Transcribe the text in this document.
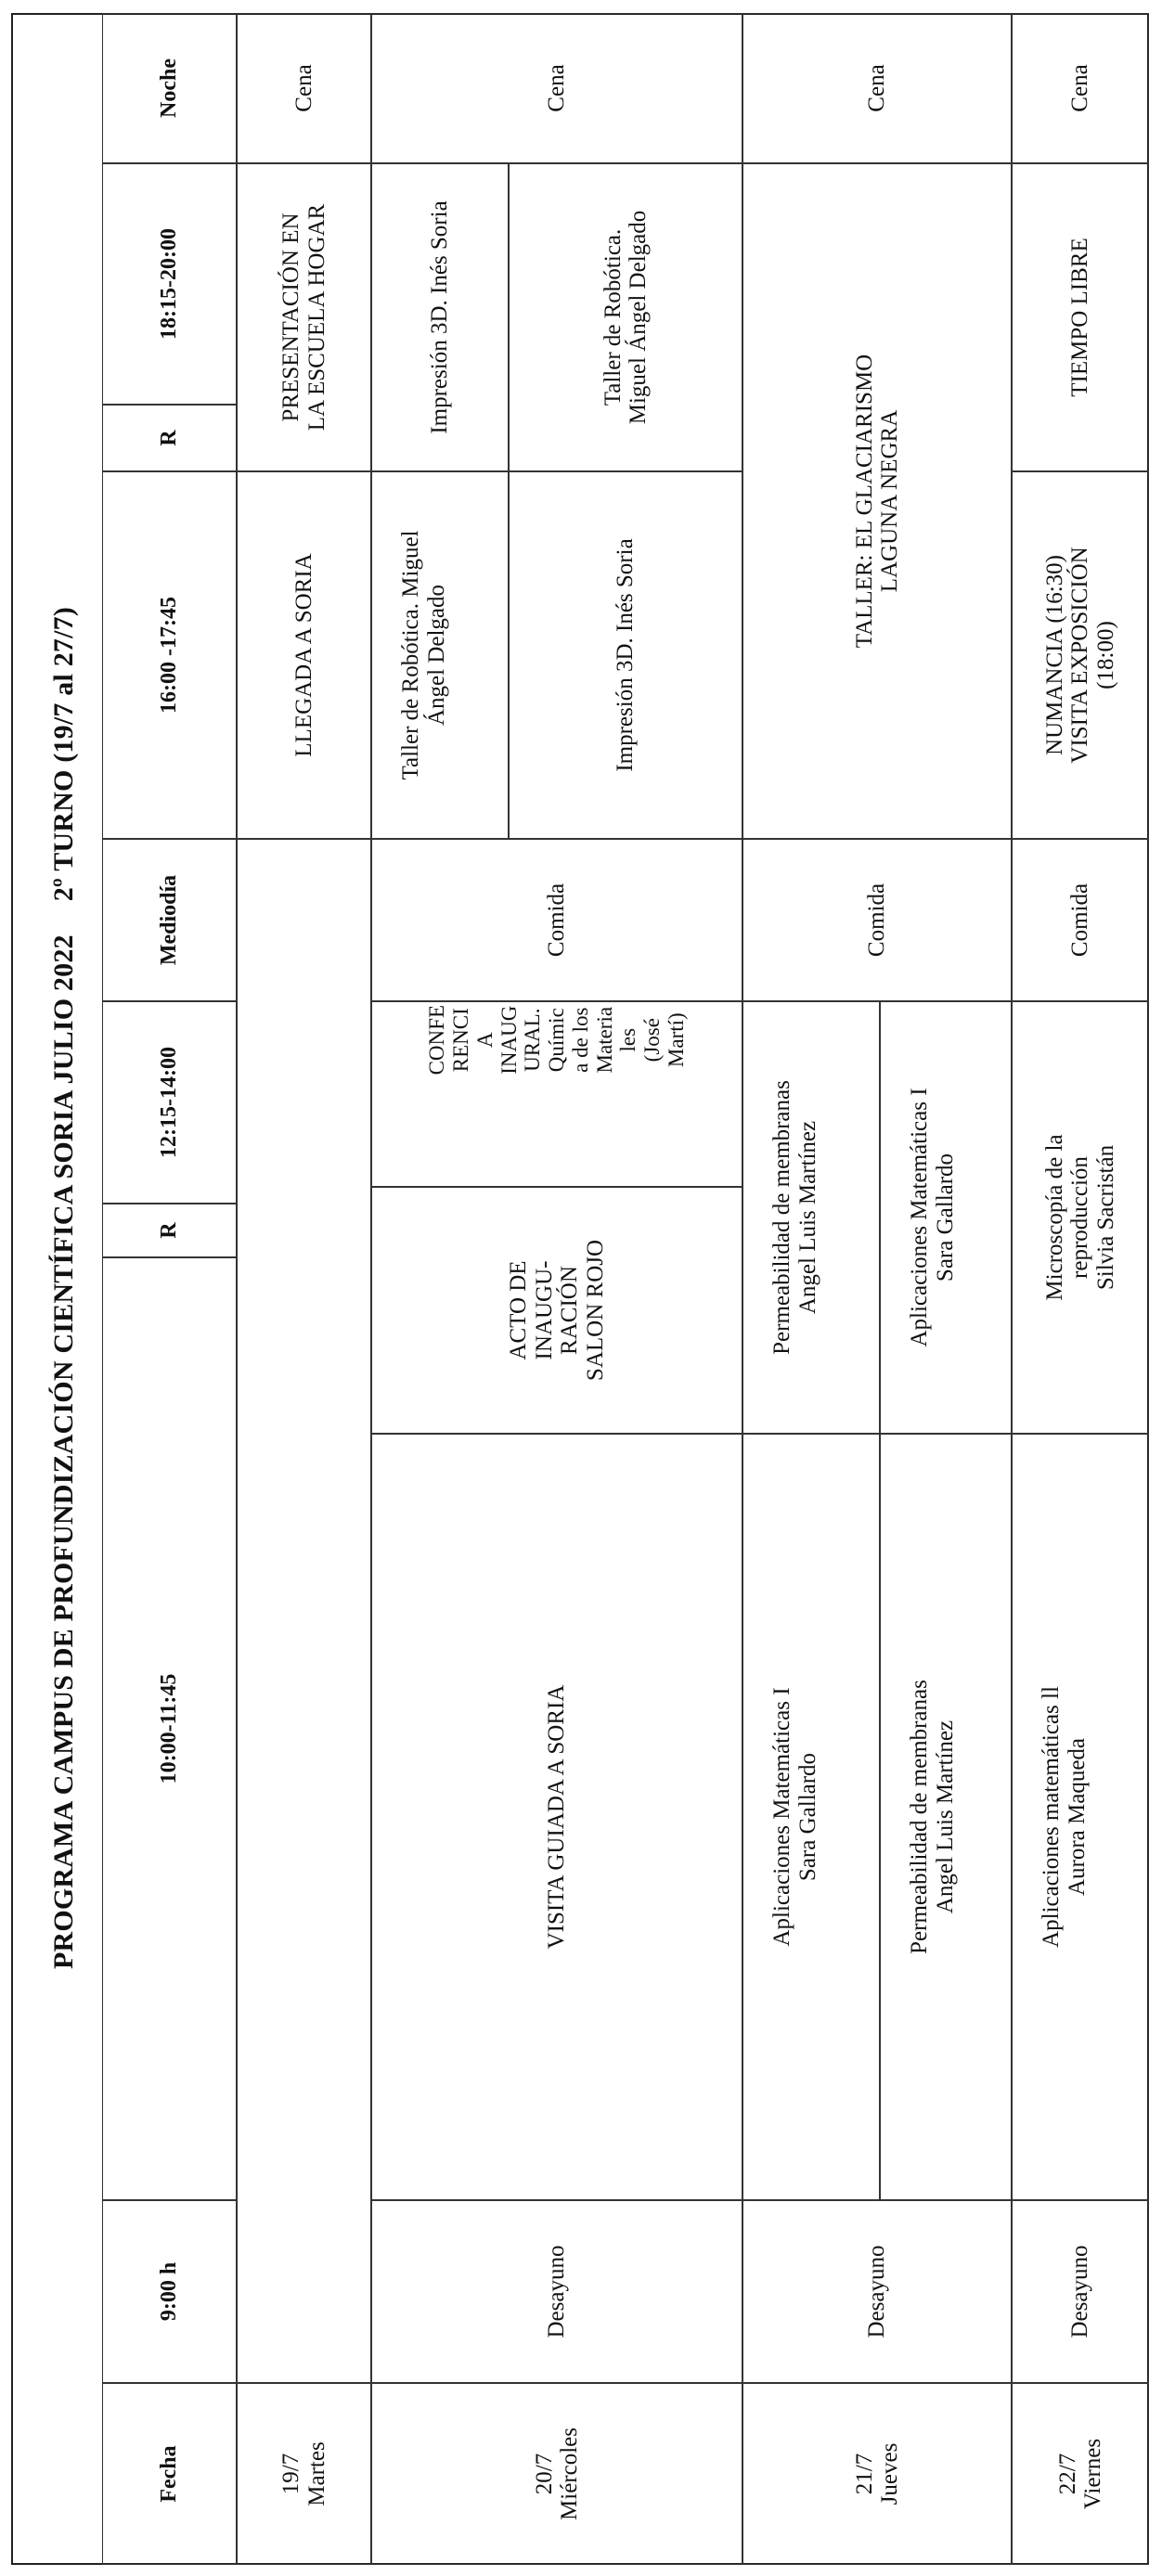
PROGRAMA CAMPUS DE PROFUNDIZACIÓN CIENTÍFICA SORIA JULIO 20222º TURNO (19/7 al 27/7)
Fecha
9:00 h
10:00-11:45
R
12:15-14:00
Mediodía
16:00 -17:45
R
18:15-20:00
Noche
19/7
Martes
LLEGADA A SORIA
PRESENTACIÓN EN
LA ESCUELA HOGAR
Cena
20/7
Miércoles
Desayuno
VISITA GUIADA A SORIA
ACTO DE
INAUGU-
RACIÓN
SALON ROJO
CONFE
RENCI
A
INAUG
URAL.
Químic
a de los
Materia
les
(José
Martí)
Comida
Taller de Robótica. Miguel
Ángel Delgado	Impresión 3D. Inés Soria
Impresión 3D. Inés Soria	Taller de Robótica.
Miguel Ángel Delgado
Cena
21/7
Jueves
Desayuno
Aplicaciones Matemáticas I
Sara Gallardo
Permeabilidad de membranas
Angel Luis Martínez
Permeabilidad de membranas
Angel Luis Martínez
Aplicaciones Matemáticas I
Sara Gallardo
Comida
TALLER: EL GLACIARISMO
LAGUNA NEGRA
Cena
22/7
Viernes
Desayuno
Aplicaciones matemáticas ll
Aurora Maqueda
Microscopía de la
reproducción
Silvia Sacristán
Comida
NUMANCIA (16:30)
VISITA EXPOSICIÓN
(18:00)
TIEMPO LIBRE
Cena
